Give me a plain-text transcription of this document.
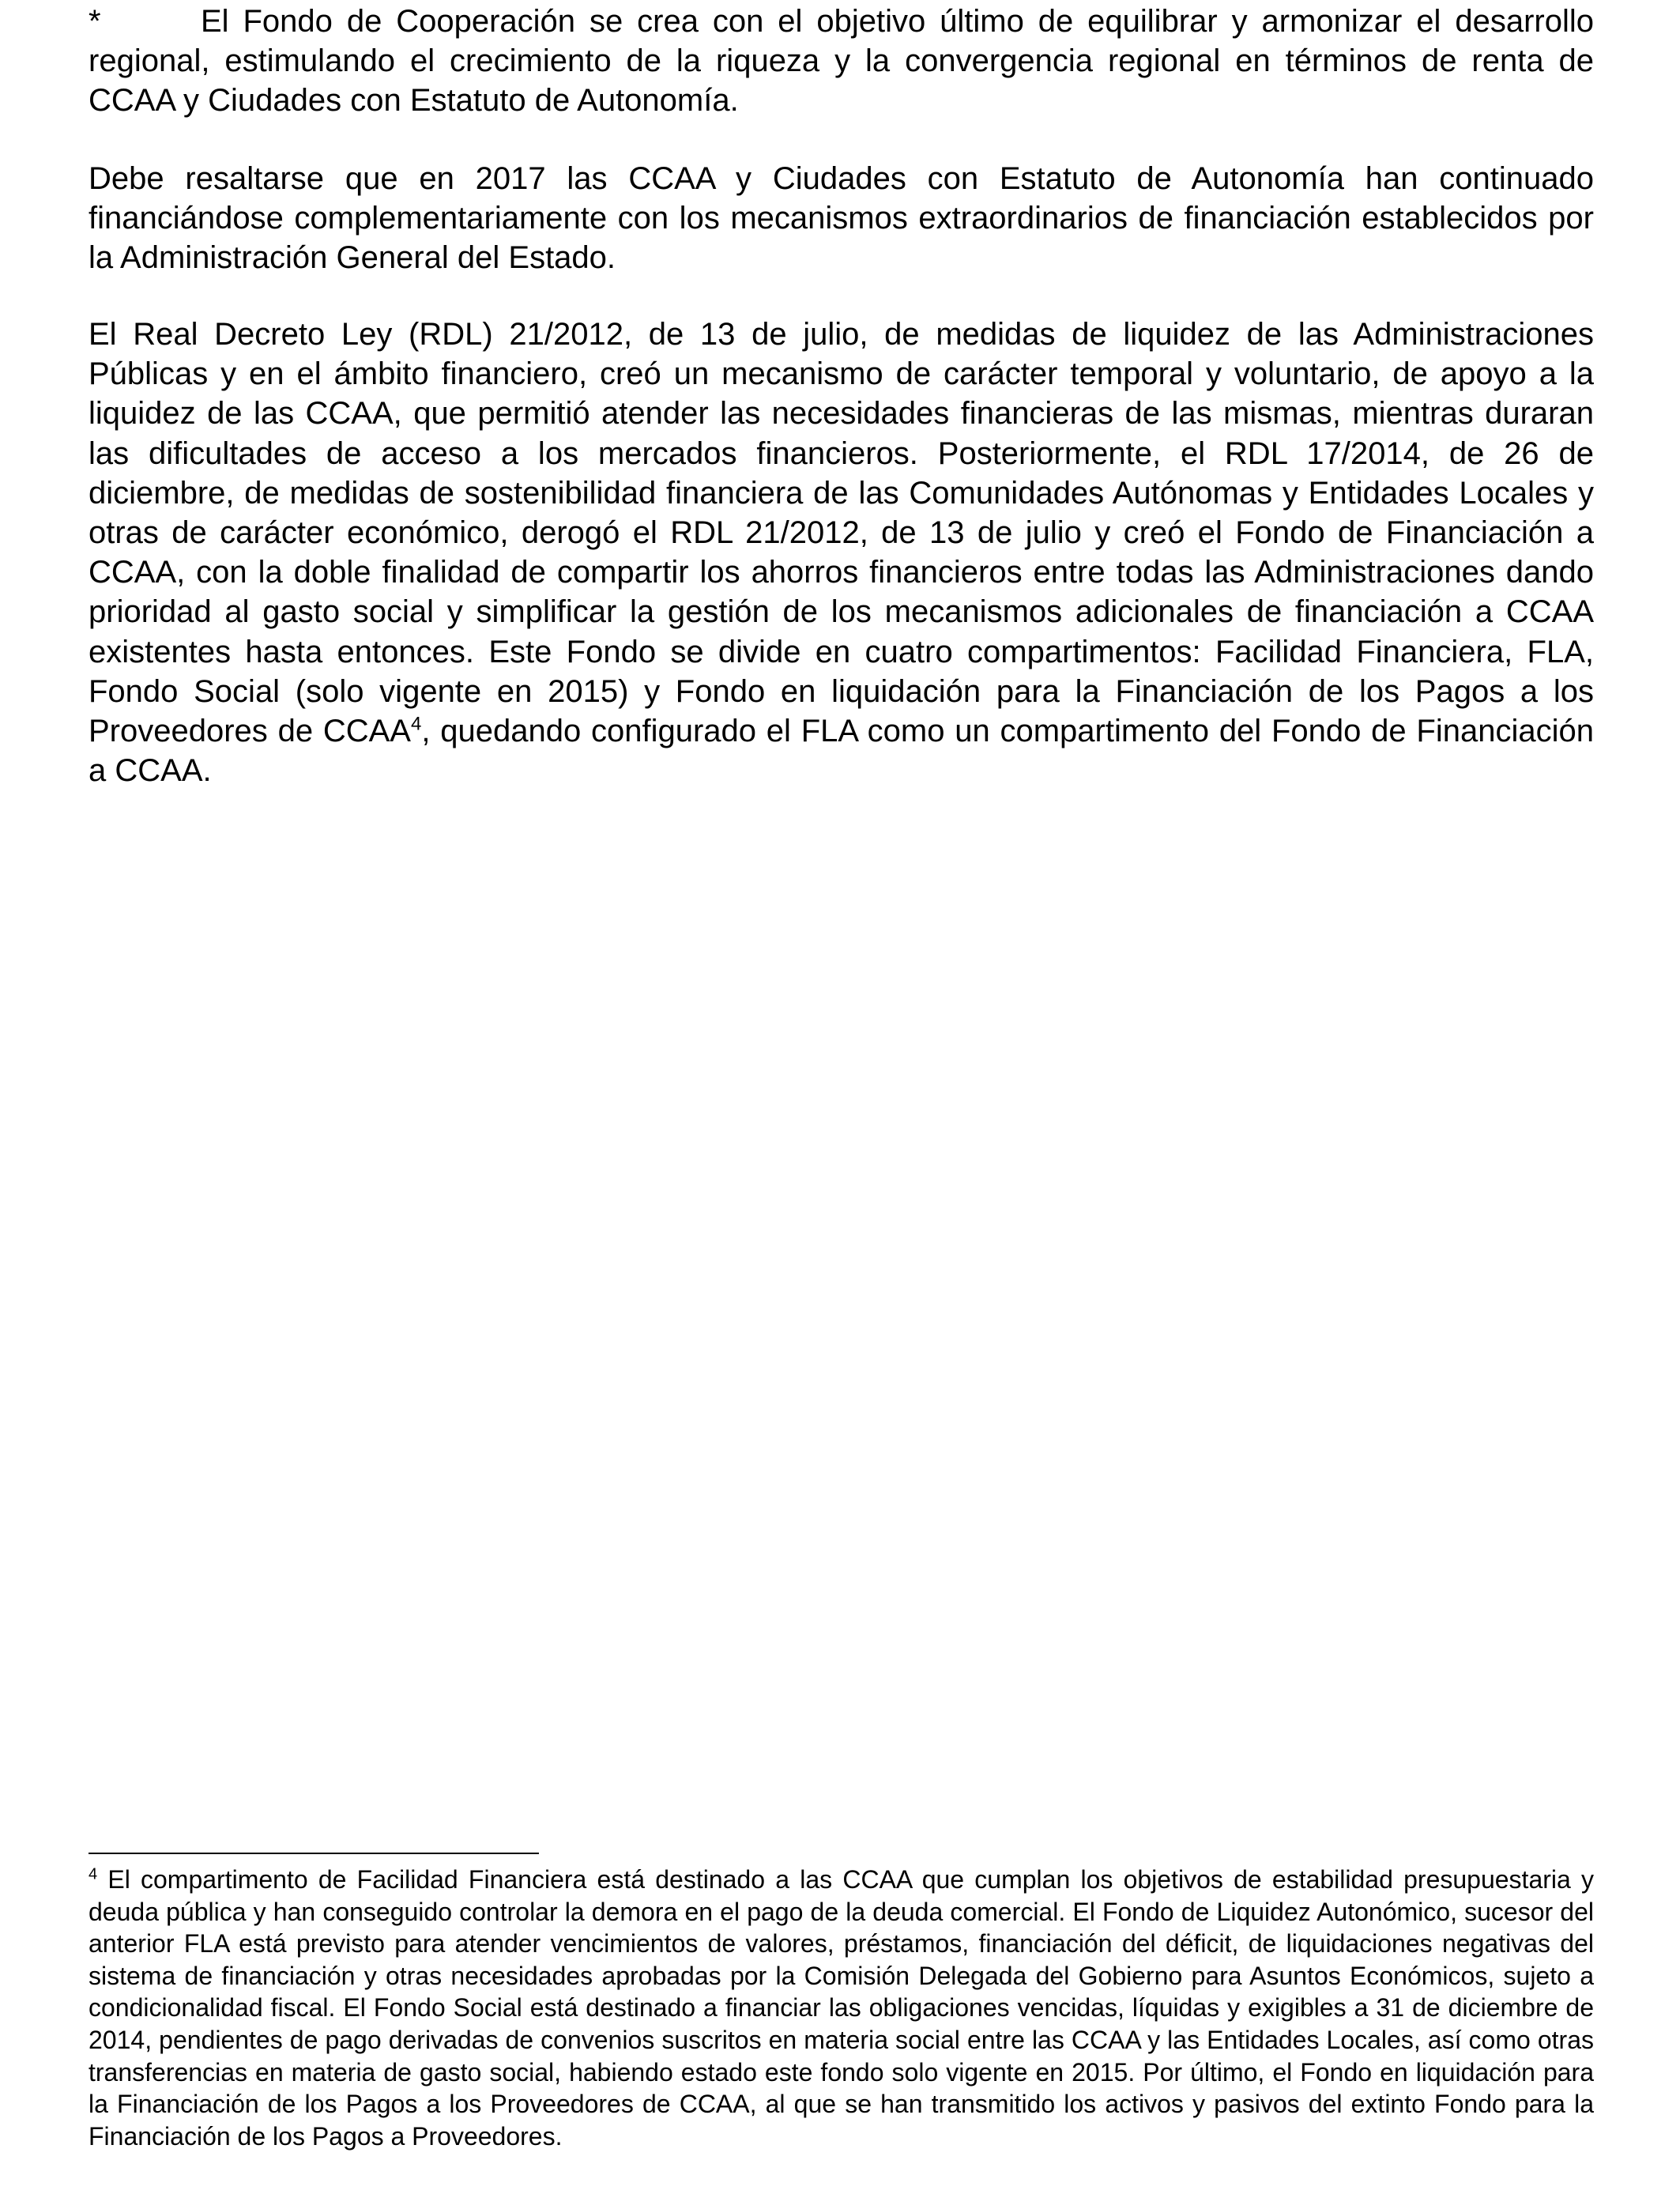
*	El Fondo de Cooperación se crea con el objetivo último de equilibrar y armonizar el desarrollo regional, estimulando el crecimiento de la riqueza y la convergencia regional en términos de renta de CCAA y Ciudades con Estatuto de Autonomía.

Debe resaltarse que en 2017 las CCAA y Ciudades con Estatuto de Autonomía han continuado financiándose complementariamente con los mecanismos extraordinarios de financiación establecidos por la Administración General del Estado.

El Real Decreto Ley (RDL) 21/2012, de 13 de julio, de medidas de liquidez de las Administraciones Públicas y en el ámbito financiero, creó un mecanismo de carácter temporal y voluntario, de apoyo a la liquidez de las CCAA, que permitió atender las necesidades financieras de las mismas, mientras duraran las dificultades de acceso a los mercados financieros. Posteriormente, el RDL 17/2014, de 26 de diciembre, de medidas de sostenibilidad financiera de las Comunidades Autónomas y Entidades Locales y otras de carácter económico, derogó el RDL 21/2012, de 13 de julio y creó el Fondo de Financiación a CCAA, con la doble finalidad de compartir los ahorros financieros entre todas las Administraciones dando prioridad al gasto social y simplificar la gestión de los mecanismos adicionales de financiación a CCAA existentes hasta entonces. Este Fondo se divide en cuatro compartimentos: Facilidad Financiera, FLA, Fondo Social (solo vigente en 2015) y Fondo en liquidación para la Financiación de los Pagos a los Proveedores de CCAA$^4$, quedando configurado el FLA como un compartimento del Fondo de Financiación a CCAA.

$^4$ El compartimento de Facilidad Financiera está destinado a las CCAA que cumplan los objetivos de estabilidad presupuestaria y deuda pública y han conseguido controlar la demora en el pago de la deuda comercial. El Fondo de Liquidez Autonómico, sucesor del anterior FLA está previsto para atender vencimientos de valores, préstamos, financiación del déficit, de liquidaciones negativas del sistema de financiación y otras necesidades aprobadas por la Comisión Delegada del Gobierno para Asuntos Económicos, sujeto a condicionalidad fiscal. El Fondo Social está destinado a financiar las obligaciones vencidas, líquidas y exigibles a 31 de diciembre de 2014, pendientes de pago derivadas de convenios suscritos en materia social entre las CCAA y las Entidades Locales, así como otras transferencias en materia de gasto social, habiendo estado este fondo solo vigente en 2015. Por último, el Fondo en liquidación para la Financiación de los Pagos a los Proveedores de CCAA, al que se han transmitido los activos y pasivos del extinto Fondo para la Financiación de los Pagos a Proveedores.
